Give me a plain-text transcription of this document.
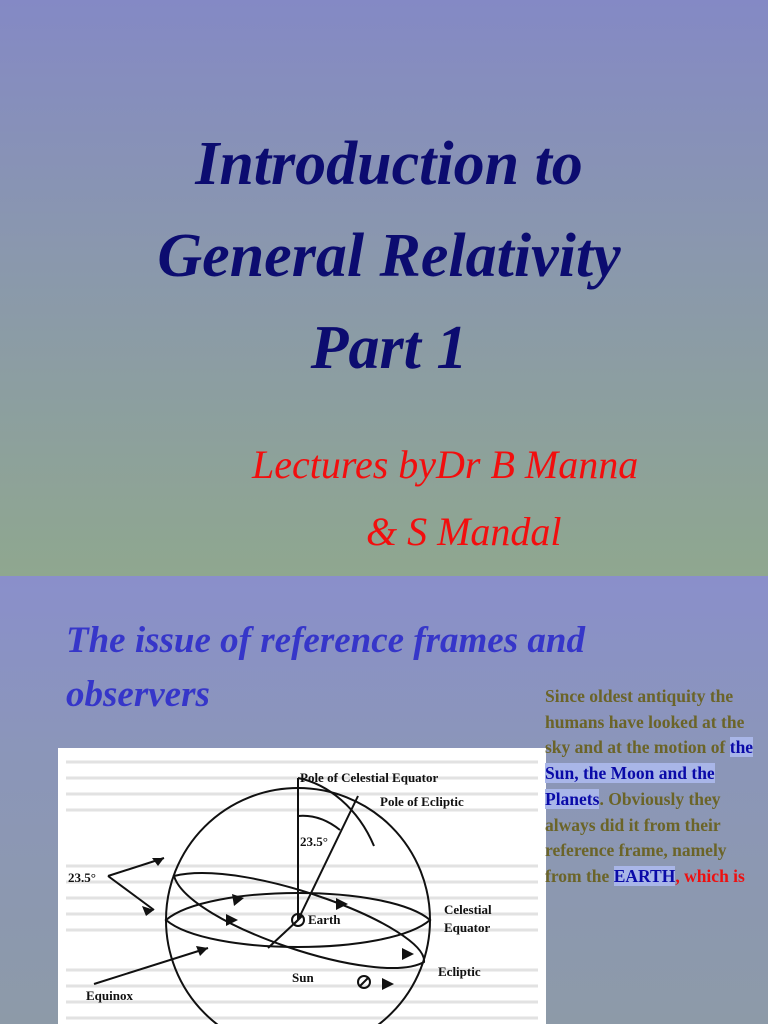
Introduction to
General Relativity
Part 1
Lectures byDr B Manna
& S Mandal
The issue of reference frames and observers
Pole of Celestial Equator
Pole of Ecliptic
23.5°
23.5°
Earth
Celestial
Equator
Sun	Ecliptic
Equinox
Since oldest antiquity the humans have looked at the sky and at the motion of the Sun, the Moon and the Planets. Obviously they always did it from their reference frame, namely from the EARTH, which is
